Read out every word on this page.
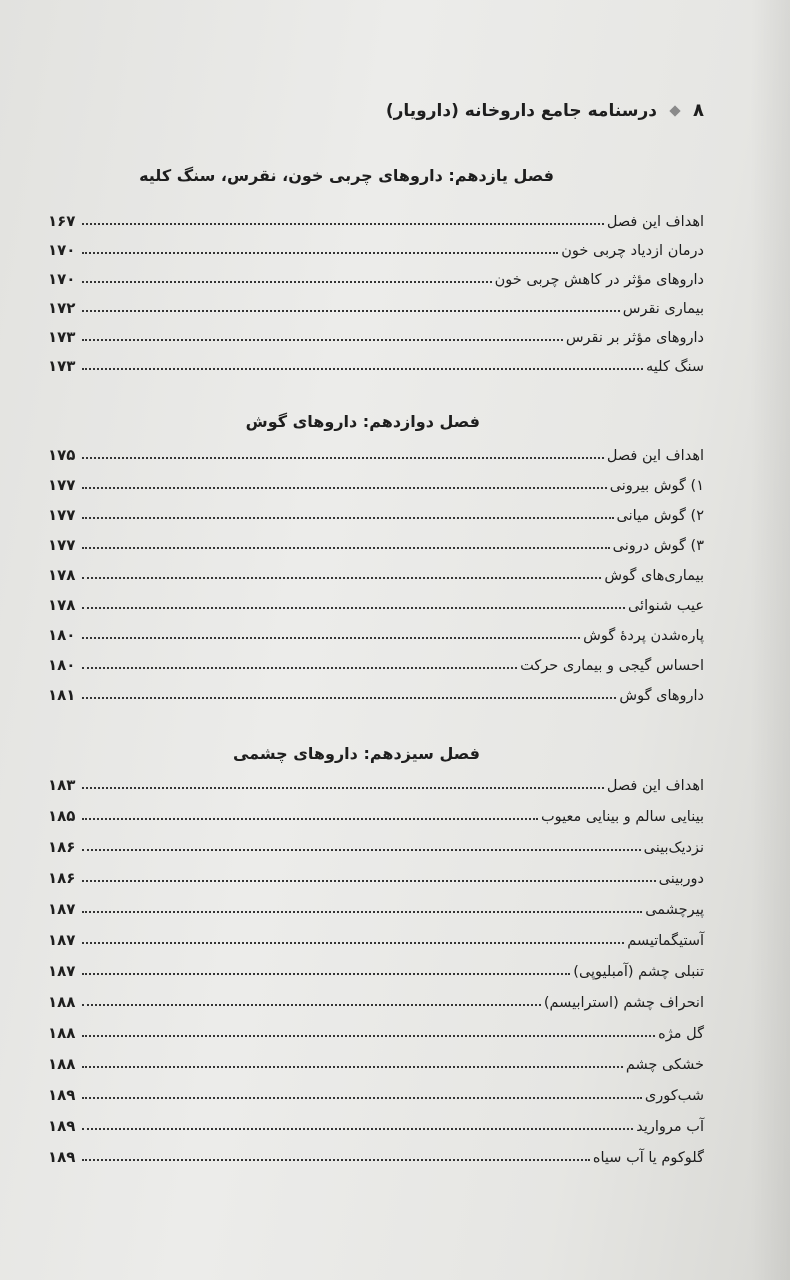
۸
درسنامه جامع داروخانه (دارویار)
فصل یازدهم: داروهای چربی خون، نقرس، سنگ کلیه
اهداف این فصل
۱۶۷
درمان ازدیاد چربی خون
۱۷۰
داروهای مؤثر در کاهش چربی خون
۱۷۰
بیماری نقرس
۱۷۲
داروهای مؤثر بر نقرس
۱۷۳
سنگ کلیه
۱۷۳
فصل دوازدهم: داروهای گوش
اهداف این فصل
۱۷۵
۱) گوش بیرونی
۱۷۷
۲) گوش میانی
۱۷۷
۳) گوش درونی
۱۷۷
بیماری‌های گوش
۱۷۸
عیب شنوائی
۱۷۸
پاره‌شدن پردهٔ گوش
۱۸۰
احساس گیجی و بیماری حرکت
۱۸۰
داروهای گوش
۱۸۱
فصل سیزدهم: داروهای چشمی
اهداف این فصل
۱۸۳
بینایی سالم و بینایی معیوب
۱۸۵
نزدیک‌بینی
۱۸۶
دوربینی
۱۸۶
پیرچشمی
۱۸۷
آستیگماتیسم
۱۸۷
تنبلی چشم (آمبلیوپی)
۱۸۷
انحراف چشم (استرابیسم)
۱۸۸
گل مژه
۱۸۸
خشکی چشم
۱۸۸
شب‌کوری
۱۸۹
آب مروارید
۱۸۹
گلوکوم یا آب سیاه
۱۸۹
